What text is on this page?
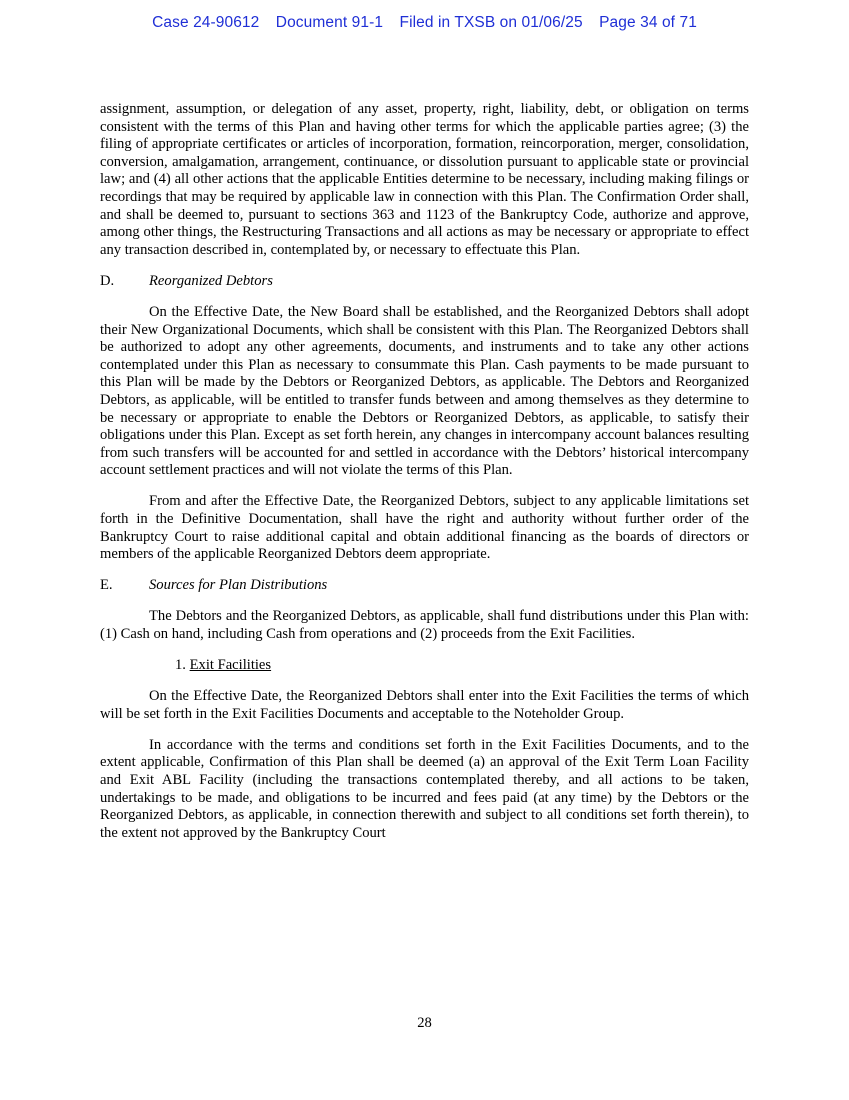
Case 24-90612 Document 91-1 Filed in TXSB on 01/06/25 Page 34 of 71

assignment, assumption, or delegation of any asset, property, right, liability, debt, or obligation on terms consistent with the terms of this Plan and having other terms for which the applicable parties agree; (3) the filing of appropriate certificates or articles of incorporation, formation, reincorporation, merger, consolidation, conversion, amalgamation, arrangement, continuance, or dissolution pursuant to applicable state or provincial law; and (4) all other actions that the applicable Entities determine to be necessary, including making filings or recordings that may be required by applicable law in connection with this Plan. The Confirmation Order shall, and shall be deemed to, pursuant to sections 363 and 1123 of the Bankruptcy Code, authorize and approve, among other things, the Restructuring Transactions and all actions as may be necessary or appropriate to effect any transaction described in, contemplated by, or necessary to effectuate this Plan.

D.	Reorganized Debtors

On the Effective Date, the New Board shall be established, and the Reorganized Debtors shall adopt their New Organizational Documents, which shall be consistent with this Plan. The Reorganized Debtors shall be authorized to adopt any other agreements, documents, and instruments and to take any other actions contemplated under this Plan as necessary to consummate this Plan. Cash payments to be made pursuant to this Plan will be made by the Debtors or Reorganized Debtors, as applicable. The Debtors and Reorganized Debtors, as applicable, will be entitled to transfer funds between and among themselves as they determine to be necessary or appropriate to enable the Debtors or Reorganized Debtors, as applicable, to satisfy their obligations under this Plan. Except as set forth herein, any changes in intercompany account balances resulting from such transfers will be accounted for and settled in accordance with the Debtors’ historical intercompany account settlement practices and will not violate the terms of this Plan.

From and after the Effective Date, the Reorganized Debtors, subject to any applicable limitations set forth in the Definitive Documentation, shall have the right and authority without further order of the Bankruptcy Court to raise additional capital and obtain additional financing as the boards of directors or members of the applicable Reorganized Debtors deem appropriate.

E.	Sources for Plan Distributions

The Debtors and the Reorganized Debtors, as applicable, shall fund distributions under this Plan with: (1) Cash on hand, including Cash from operations and (2) proceeds from the Exit Facilities.

1. Exit Facilities

On the Effective Date, the Reorganized Debtors shall enter into the Exit Facilities the terms of which will be set forth in the Exit Facilities Documents and acceptable to the Noteholder Group.

In accordance with the terms and conditions set forth in the Exit Facilities Documents, and to the extent applicable, Confirmation of this Plan shall be deemed (a) an approval of the Exit Term Loan Facility and Exit ABL Facility (including the transactions contemplated thereby, and all actions to be taken, undertakings to be made, and obligations to be incurred and fees paid (at any time) by the Debtors or the Reorganized Debtors, as applicable, in connection therewith and subject to all conditions set forth therein), to the extent not approved by the Bankruptcy Court

28
